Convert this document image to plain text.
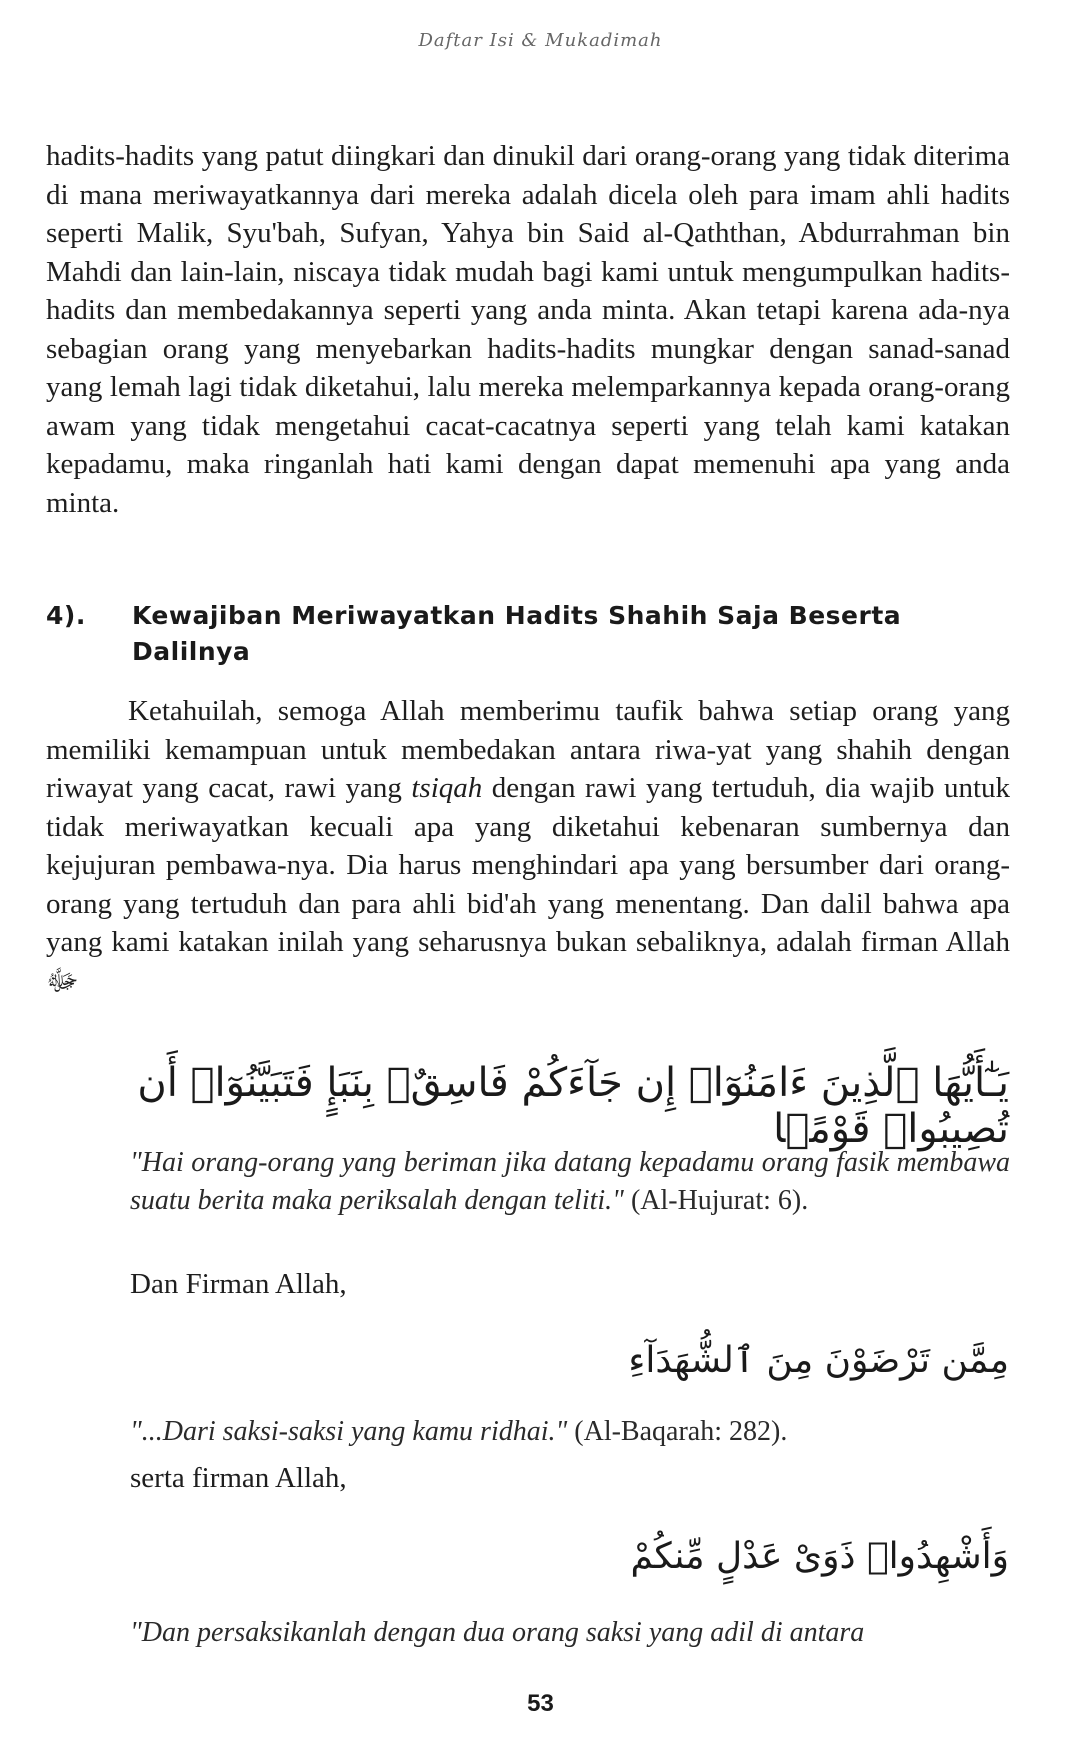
Daftar Isi & Mukadimah
hadits-hadits yang patut diingkari dan dinukil dari orang-orang yang tidak diterima di mana meriwayatkannya dari mereka adalah dicela oleh para imam ahli hadits seperti Malik, Syu'bah, Sufyan, Yahya bin Said al-Qaththan, Abdurrahman bin Mahdi dan lain-lain, niscaya tidak mudah bagi kami untuk mengumpulkan hadits-hadits dan membedakannya seperti yang anda minta. Akan tetapi karena ada-nya sebagian orang yang menyebarkan hadits-hadits mungkar dengan sanad-sanad yang lemah lagi tidak diketahui, lalu mereka melemparkannya kepada orang-orang awam yang tidak mengetahui cacat-cacatnya seperti yang telah kami katakan kepadamu, maka ringanlah hati kami dengan dapat memenuhi apa yang anda minta.
4).	Kewajiban Meriwayatkan Hadits Shahih Saja Beserta Dalilnya
Ketahuilah, semoga Allah memberimu taufik bahwa setiap orang yang memiliki kemampuan untuk membedakan antara riwa-yat yang shahih dengan riwayat yang cacat, rawi yang tsiqah dengan rawi yang tertuduh, dia wajib untuk tidak meriwayatkan kecuali apa yang diketahui kebenaran sumbernya dan kejujuran pembawa-nya. Dia harus menghindari apa yang bersumber dari orang-orang yang tertuduh dan para ahli bid'ah yang menentang. Dan dalil bahwa apa yang kami katakan inilah yang seharusnya bukan sebaliknya, adalah firman Allah ﷻ
يَـٰٓأَيُّهَا ٱلَّذِينَ ءَامَنُوٓا۟ إِن جَآءَكُمْ فَاسِقٌۢ بِنَبَإٍ فَتَبَيَّنُوٓا۟ أَن تُصِيبُوا۟ قَوْمًۢا
"Hai orang-orang yang beriman jika datang kepadamu orang fasik membawa suatu berita maka periksalah dengan teliti." (Al-Hujurat: 6).
Dan Firman Allah,
مِمَّن تَرْضَوْنَ مِنَ ٱلشُّهَدَآءِ
"...Dari saksi-saksi yang kamu ridhai." (Al-Baqarah: 282).
serta firman Allah,
وَأَشْهِدُوا۟ ذَوَىْ عَدْلٍ مِّنكُمْ
"Dan persaksikanlah dengan dua orang saksi yang adil di antara
53
